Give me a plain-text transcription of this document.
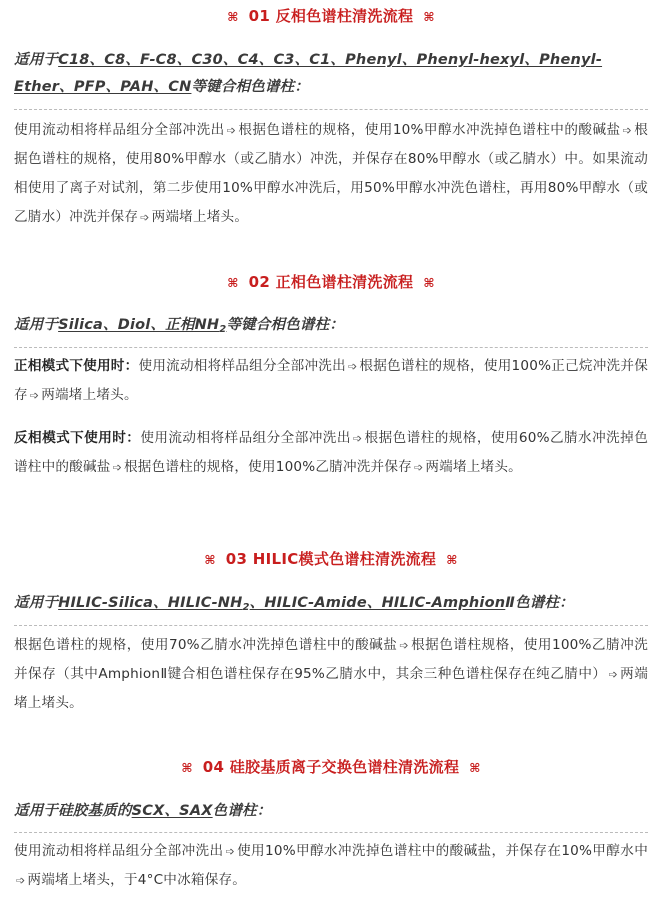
⌘ 01 反相色谱柱清洗流程 ⌘
适用于C18、C8、F-C8、C30、C4、C3、C1、Phenyl、Phenyl-hexyl、Phenyl-Ether、PFP、PAH、CN等键合相色谱柱：
使用流动相将样品组分全部冲洗出 ➩ 根据色谱柱的规格，使用10%甲醇水冲洗掉色谱柱中的酸碱盐 ➩ 根据色谱柱的规格，使用80%甲醇水（或乙腈水）冲洗，并保存在80%甲醇水（或乙腈水）中。如果流动相使用了离子对试剂，第二步使用10%甲醇水冲洗后，用50%甲醇水冲洗色谱柱，再用80%甲醇水（或乙腈水）冲洗并保存 ➩ 两端堵上堵头。
⌘ 02 正相色谱柱清洗流程 ⌘
适用于Silica、Diol、正相$NH_2$等键合相色谱柱：
正相模式下使用时：使用流动相将样品组分全部冲洗出 ➩ 根据色谱柱的规格，使用100%正己烷冲洗并保存 ➩ 两端堵上堵头。
反相模式下使用时：使用流动相将样品组分全部冲洗出 ➩ 根据色谱柱的规格，使用60%乙腈水冲洗掉色谱柱中的酸碱盐 ➩ 根据色谱柱的规格，使用100%乙腈冲洗并保存 ➩ 两端堵上堵头。
⌘ 03 HILIC模式色谱柱清洗流程 ⌘
适用于HILIC-Silica、HILIC-$NH_2$、HILIC-Amide、HILIC-AmphionⅡ色谱柱：
根据色谱柱的规格，使用70%乙腈水冲洗掉色谱柱中的酸碱盐 ➩ 根据色谱柱规格，使用100%乙腈冲洗并保存（其中AmphionⅡ键合相色谱柱保存在95%乙腈水中，其余三种色谱柱保存在纯乙腈中） ➩ 两端堵上堵头。
⌘ 04 硅胶基质离子交换色谱柱清洗流程 ⌘
适用于硅胶基质的SCX、SAX色谱柱：
使用流动相将样品组分全部冲洗出 ➩ 使用10%甲醇水冲洗掉色谱柱中的酸碱盐，并保存在10%甲醇水中➩ 两端堵上堵头，于4°C中冰箱保存。
